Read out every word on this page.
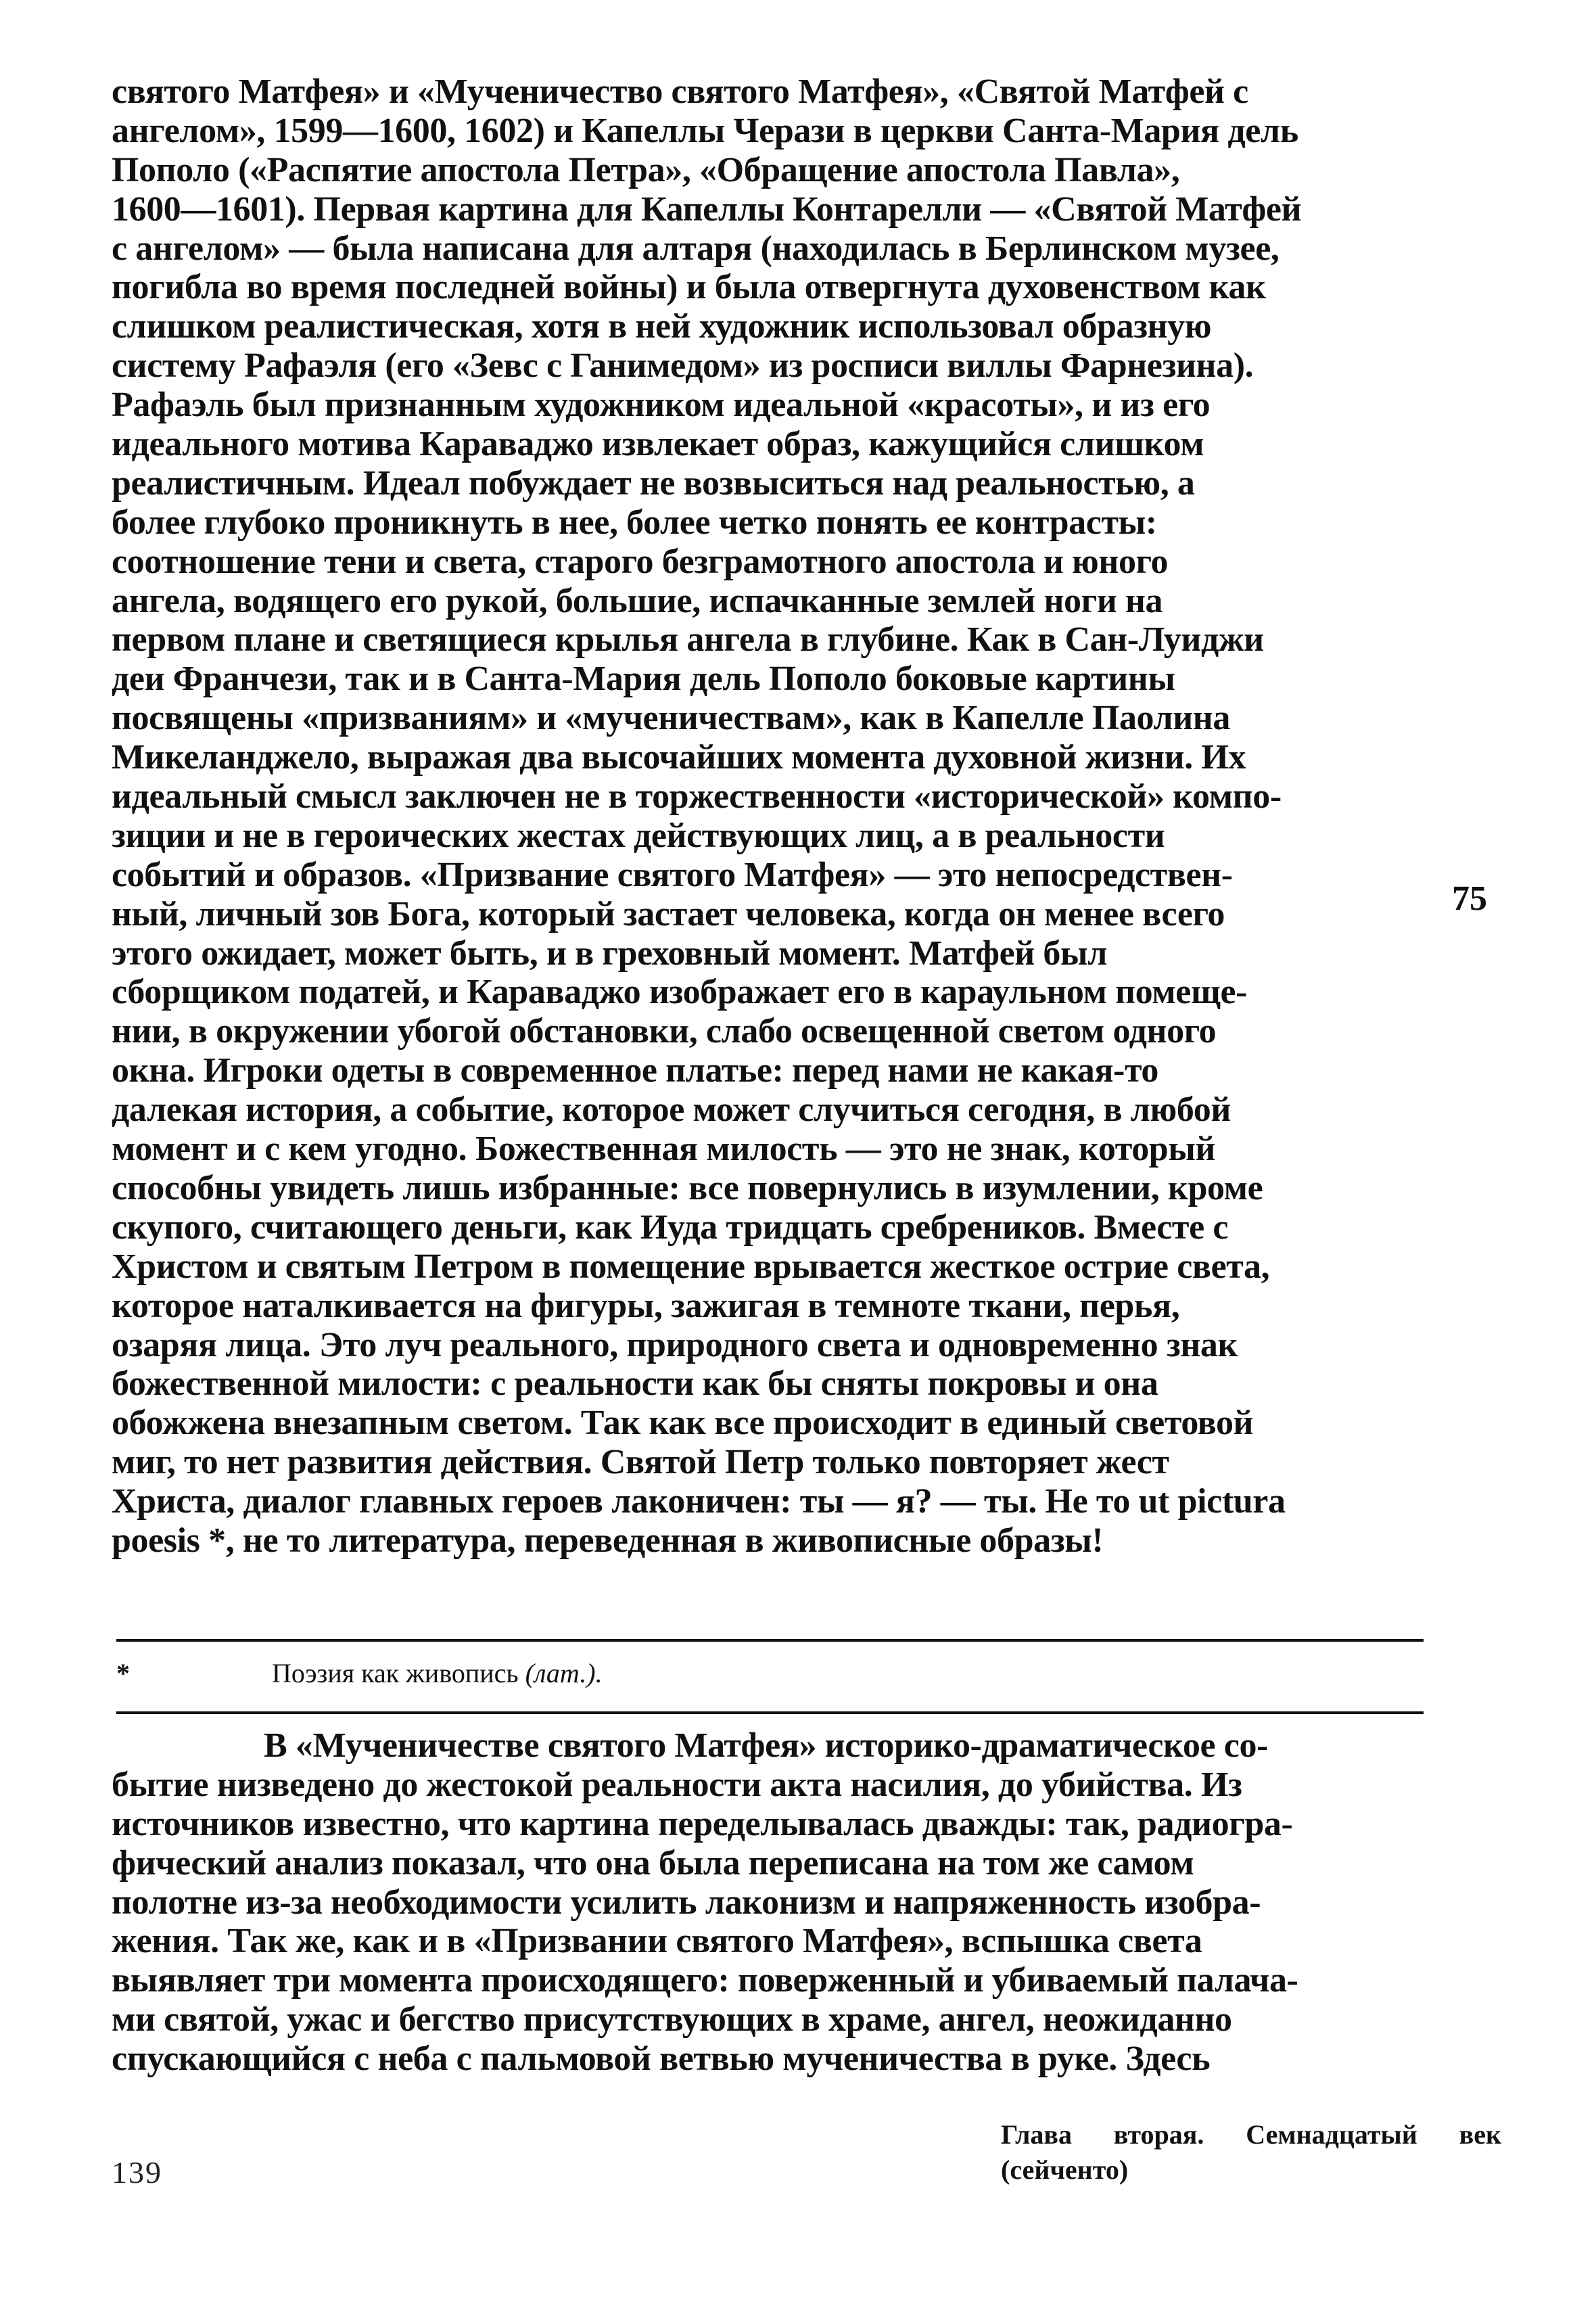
святого Матфея» и «Мученичество святого Матфея», «Святой Матфей с
ангелом», 1599—1600, 1602) и Капеллы Черази в церкви Санта-Мария дель
Пополо («Распятие апостола Петра», «Обращение апостола Павла»,
1600—1601). Первая картина для Капеллы Контарелли — «Святой Матфей
с ангелом» — была написана для алтаря (находилась в Берлинском музее,
погибла во время последней войны) и была отвергнута духовенством как
слишком реалистическая, хотя в ней художник использовал образную
систему Рафаэля (его «Зевс с Ганимедом» из росписи виллы Фарнезина).
Рафаэль был признанным художником идеальной «красоты», и из его
идеального мотива Караваджо извлекает образ, кажущийся слишком
реалистичным. Идеал побуждает не возвыситься над реальностью, а
более глубоко проникнуть в нее, более четко понять ее контрасты:
соотношение тени и света, старого безграмотного апостола и юного
ангела, водящего его рукой, большие, испачканные землей ноги на
первом плане и светящиеся крылья ангела в глубине. Как в Сан-Луиджи
деи Франчези, так и в Санта-Мария дель Пополо боковые картины
посвящены «призваниям» и «мученичествам», как в Капелле Паолина
Микеланджело, выражая два высочайших момента духовной жизни. Их
идеальный смысл заключен не в торжественности «исторической» компо-
зиции и не в героических жестах действующих лиц, а в реальности
событий и образов. «Призвание святого Матфея» — это непосредствен-
ный, личный зов Бога, который застает человека, когда он менее всего
этого ожидает, может быть, и в греховный момент. Матфей был
сборщиком податей, и Караваджо изображает его в караульном помеще-
нии, в окружении убогой обстановки, слабо освещенной светом одного
окна. Игроки одеты в современное платье: перед нами не какая-то
далекая история, а событие, которое может случиться сегодня, в любой
момент и с кем угодно. Божественная милость — это не знак, который
способны увидеть лишь избранные: все повернулись в изумлении, кроме
скупого, считающего деньги, как Иуда тридцать сребреников. Вместе с
Христом и святым Петром в помещение врывается жесткое острие света,
которое наталкивается на фигуры, зажигая в темноте ткани, перья,
озаряя лица. Это луч реального, природного света и одновременно знак
божественной милости: с реальности как бы сняты покровы и она
обожжена внезапным светом. Так как все происходит в единый световой
миг, то нет развития действия. Святой Петр только повторяет жест
Христа, диалог главных героев лаконичен: ты — я? — ты. Не то ut pictura
poesis *, не то литература, переведенная в живописные образы!
75
*	Поэзия как живопись (лат.).
В «Мученичестве святого Матфея» историко-драматическое со-
бытие низведено до жестокой реальности акта насилия, до убийства. Из
источников известно, что картина переделывалась дважды: так, радиогра-
фический анализ показал, что она была переписана на том же самом
полотне из-за необходимости усилить лаконизм и напряженность изобра-
жения. Так же, как и в «Призвании святого Матфея», вспышка света
выявляет три момента происходящего: поверженный и убиваемый палача-
ми святой, ужас и бегство присутствующих в храме, ангел, неожиданно
спускающийся с неба с пальмовой ветвью мученичества в руке. Здесь
139
Глава вторая. Семнадцатый век
(сейченто)
